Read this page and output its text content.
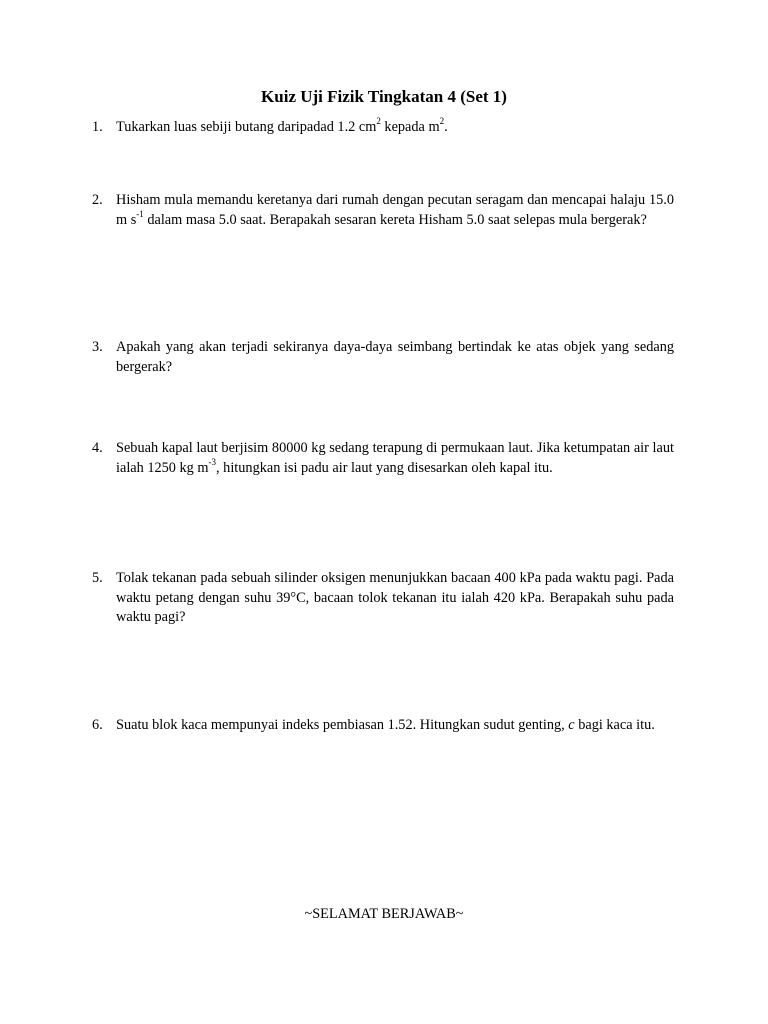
Kuiz Uji Fizik Tingkatan 4 (Set 1)
1. Tukarkan luas sebiji butang daripadad 1.2 $cm^2$ kepada $m^2$.
2. Hisham mula memandu keretanya dari rumah dengan pecutan seragam dan mencapai halaju 15.0 m $s^{-1}$ dalam masa 5.0 saat. Berapakah sesaran kereta Hisham 5.0 saat selepas mula bergerak?
3. Apakah yang akan terjadi sekiranya daya-daya seimbang bertindak ke atas objek yang sedang bergerak?
4. Sebuah kapal laut berjisim 80000 kg sedang terapung di permukaan laut. Jika ketumpatan air laut ialah 1250 kg $m^{-3}$, hitungkan isi padu air laut yang disesarkan oleh kapal itu.
5. Tolak tekanan pada sebuah silinder oksigen menunjukkan bacaan 400 kPa pada waktu pagi. Pada waktu petang dengan suhu 39°C, bacaan tolok tekanan itu ialah 420 kPa. Berapakah suhu pada waktu pagi?
6. Suatu blok kaca mempunyai indeks pembiasan 1.52. Hitungkan sudut genting, c bagi kaca itu.
~SELAMAT BERJAWAB~
